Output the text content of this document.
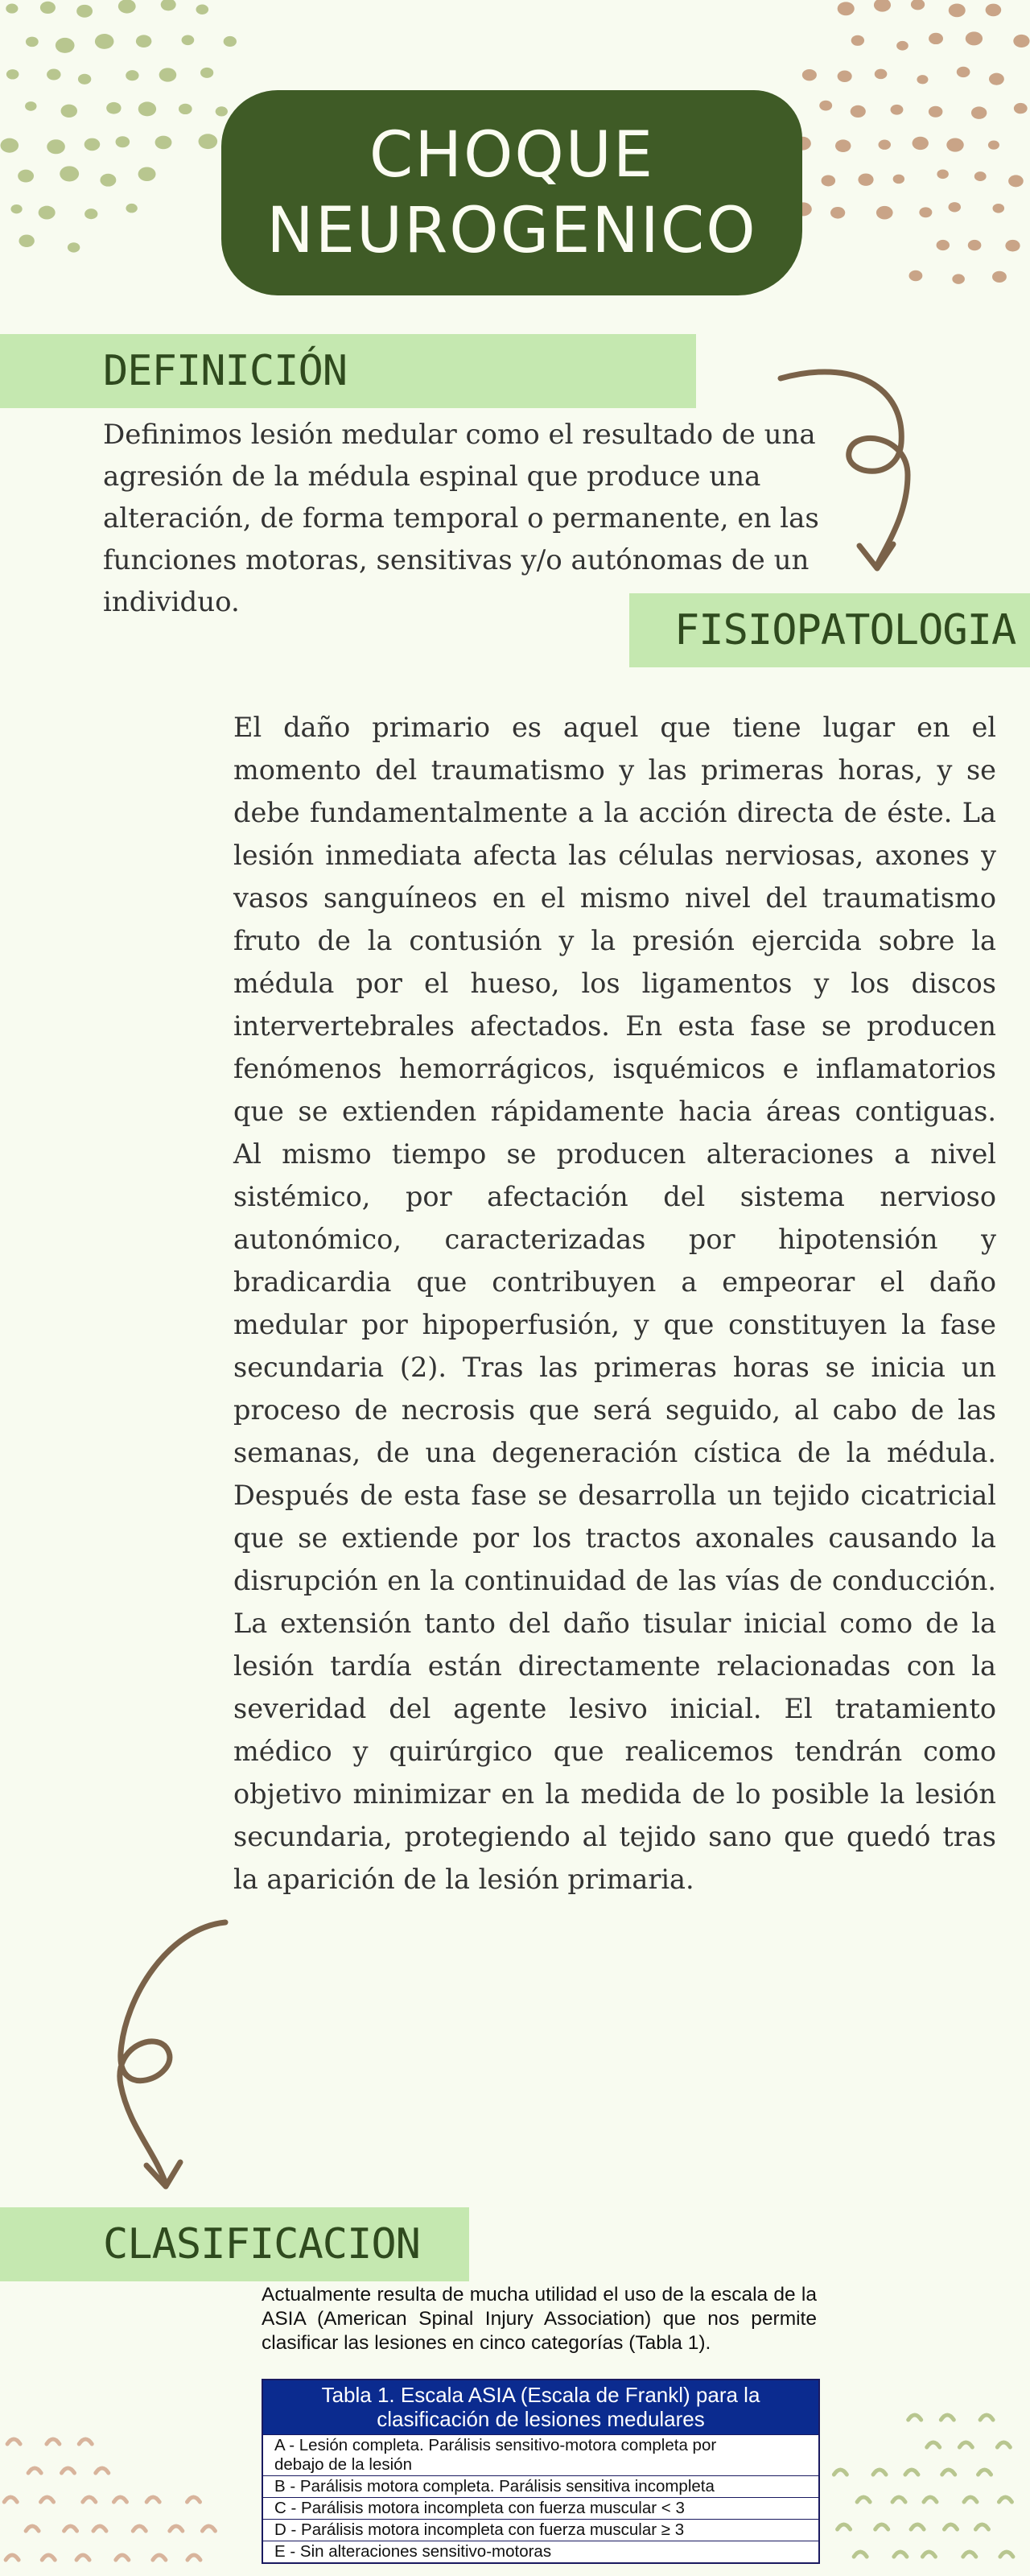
CHOQUE
NEUROGENICO
DEFINICIÓN
Definimos lesión medular como el resultado de una agresión de la médula espinal que produce una alteración, de forma temporal o permanente, en las funciones motoras, sensitivas y/o autónomas de un individuo.
FISIOPATOLOGIA
El daño primario es aquel que tiene lugar en el momento del traumatismo y las primeras horas, y se debe fundamentalmente a la acción directa de éste. La lesión inmediata afecta las células nerviosas, axones y vasos sanguíneos en el mismo nivel del traumatismo fruto de la contusión y la presión ejercida sobre la médula por el hueso, los ligamentos y los discos intervertebrales afectados. En esta fase se producen fenómenos hemorrágicos, isquémicos e inflamatorios que se extienden rápidamente hacia áreas contiguas. Al mismo tiempo se producen alteraciones a nivel sistémico, por afectación del sistema nervioso autonómico, caracterizadas por hipotensión y bradicardia que contribuyen a empeorar el daño medular por hipoperfusión, y que constituyen la fase secundaria (2). Tras las primeras horas se inicia un proceso de necrosis que será seguido, al cabo de las semanas, de una degeneración cística de la médula. Después de esta fase se desarrolla un tejido cicatricial que se extiende por los tractos axonales causando la disrupción en la continuidad de las vías de conducción. La extensión tanto del daño tisular inicial como de la lesión tardía están directamente relacionadas con la severidad del agente lesivo inicial. El tratamiento médico y quirúrgico que realicemos tendrán como objetivo minimizar en la medida de lo posible la lesión secundaria, protegiendo al tejido sano que quedó tras la aparición de la lesión primaria.
CLASIFICACION
Actualmente resulta de mucha utilidad el uso de la escala de la ASIA (American Spinal Injury Association) que nos permite clasificar las lesiones en cinco categorías (Tabla 1).
Tabla 1. Escala ASIA (Escala de Frankl) para la
clasificación de lesiones medulares
A - Lesión completa. Parálisis sensitivo-motora completa por debajo de la lesión
B - Parálisis motora completa. Parálisis sensitiva incompleta
C - Parálisis motora incompleta con fuerza muscular < 3
D - Parálisis motora incompleta con fuerza muscular ≥ 3
E - Sin alteraciones sensitivo-motoras
